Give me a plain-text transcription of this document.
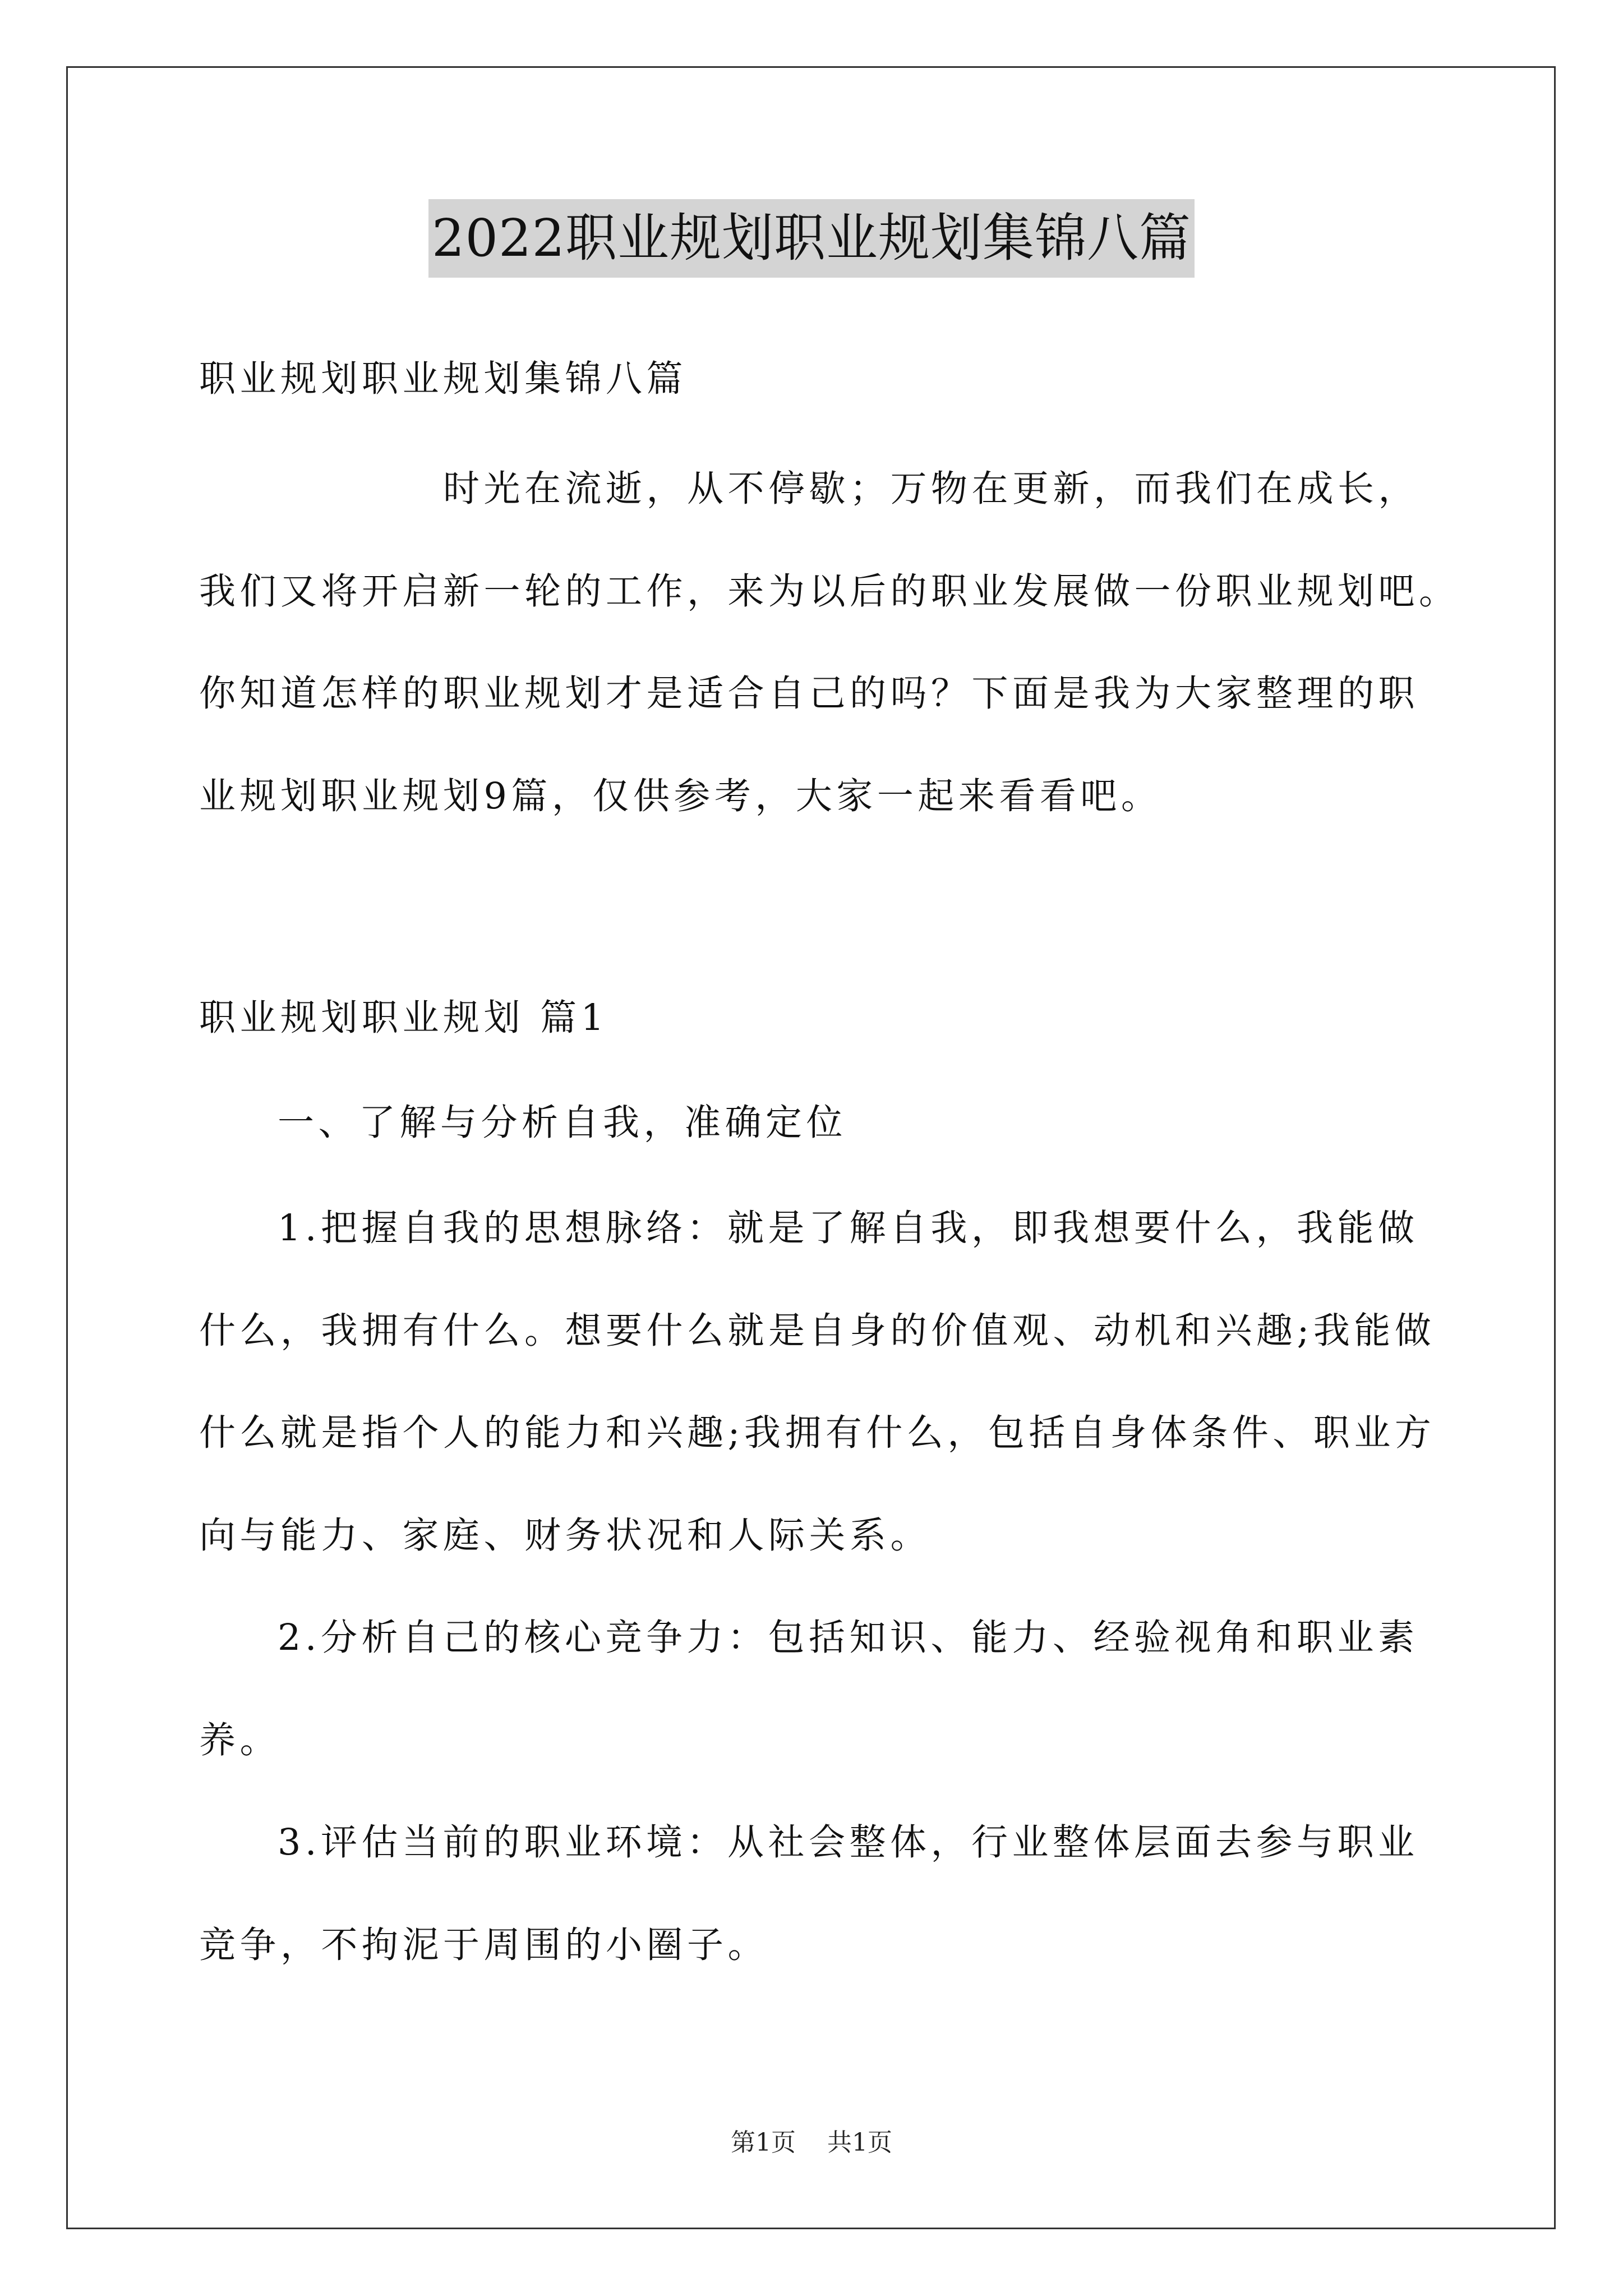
2022职业规划职业规划集锦八篇
职业规划职业规划集锦八篇
时光在流逝，从不停歇；万物在更新，而我们在成长，
我们又将开启新一轮的工作，来为以后的职业发展做一份职业规划吧。
你知道怎样的职业规划才是适合自己的吗？下面是我为大家整理的职
业规划职业规划9篇，仅供参考，大家一起来看看吧。
职业规划职业规划 篇1
一、了解与分析自我，准确定位
1.把握自我的思想脉络：就是了解自我，即我想要什么，我能做
什么，我拥有什么。想要什么就是自身的价值观、动机和兴趣;我能做
什么就是指个人的能力和兴趣;我拥有什么，包括自身体条件、职业方
向与能力、家庭、财务状况和人际关系。
2.分析自己的核心竞争力：包括知识、能力、经验视角和职业素
养。
3.评估当前的职业环境：从社会整体，行业整体层面去参与职业
竞争，不拘泥于周围的小圈子。
第1页 共1页
